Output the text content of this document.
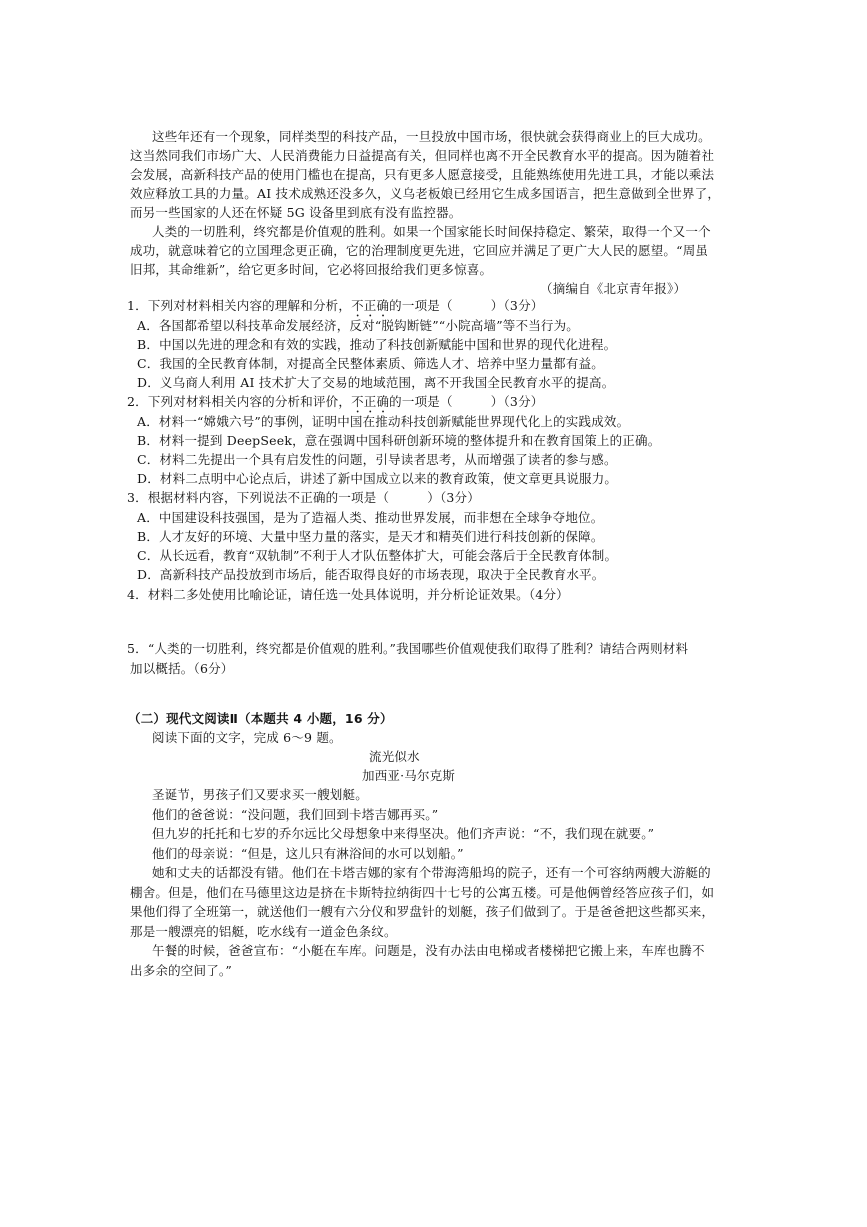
这些年还有一个现象，同样类型的科技产品，一旦投放中国市场，很快就会获得商业上的巨大成功。
这当然同我们市场广大、人民消费能力日益提高有关，但同样也离不开全民教育水平的提高。因为随着社
会发展，高新科技产品的使用门槛也在提高，只有更多人愿意接受，且能熟练使用先进工具，才能以乘法
效应释放工具的力量。AI 技术成熟还没多久，义乌老板娘已经用它生成多国语言，把生意做到全世界了，
而另一些国家的人还在怀疑 5G 设备里到底有没有监控器。
人类的一切胜利，终究都是价值观的胜利。如果一个国家能长时间保持稳定、繁荣，取得一个又一个
成功，就意味着它的立国理念更正确，它的治理制度更先进，它回应并满足了更广大人民的愿望。“周虽
旧邦，其命维新”，给它更多时间，它必将回报给我们更多惊喜。
（摘编自《北京青年报》）
1．下列对材料相关内容的理解和分析，不正确的一项是（　　　）（3分）
A．各国都希望以科技革命发展经济，反对“脱钩断链”“小院高墙”等不当行为。
B．中国以先进的理念和有效的实践，推动了科技创新赋能中国和世界的现代化进程。
C．我国的全民教育体制，对提高全民整体素质、筛选人才、培养中坚力量都有益。
D．义乌商人利用 AI 技术扩大了交易的地域范围，离不开我国全民教育水平的提高。
2．下列对材料相关内容的分析和评价，不正确的一项是（　　　）（3分）
A．材料一“嫦娥六号”的事例，证明中国在推动科技创新赋能世界现代化上的实践成效。
B．材料一提到 DeepSeek，意在强调中国科研创新环境的整体提升和在教育国策上的正确。
C．材料二先提出一个具有启发性的问题，引导读者思考，从而增强了读者的参与感。
D．材料二点明中心论点后，讲述了新中国成立以来的教育政策，使文章更具说服力。
3．根据材料内容，下列说法不正确的一项是（　　　）（3分）
A．中国建设科技强国，是为了造福人类、推动世界发展，而非想在全球争夺地位。
B．人才友好的环境、大量中坚力量的落实，是天才和精英们进行科技创新的保障。
C．从长远看，教育“双轨制”不利于人才队伍整体扩大，可能会落后于全民教育体制。
D．高新科技产品投放到市场后，能否取得良好的市场表现，取决于全民教育水平。
4．材料二多处使用比喻论证，请任选一处具体说明，并分析论证效果。（4分）
5．“人类的一切胜利，终究都是价值观的胜利。”我国哪些价值观使我们取得了胜利？请结合两则材料
加以概括。（6分）
（二）现代文阅读Ⅱ（本题共 4 小题，16 分）
阅读下面的文字，完成 6～9 题。
流光似水
加西亚·马尔克斯
圣诞节，男孩子们又要求买一艘划艇。
他们的爸爸说：“没问题，我们回到卡塔吉娜再买。”
但九岁的托托和七岁的乔尔远比父母想象中来得坚决。他们齐声说：“不，我们现在就要。”
他们的母亲说：“但是，这儿只有淋浴间的水可以划船。”
她和丈夫的话都没有错。他们在卡塔吉娜的家有个带海湾船坞的院子，还有一个可容纳两艘大游艇的
棚舍。但是，他们在马德里这边是挤在卡斯特拉纳街四十七号的公寓五楼。可是他俩曾经答应孩子们，如
果他们得了全班第一，就送他们一艘有六分仪和罗盘针的划艇，孩子们做到了。于是爸爸把这些都买来，
那是一艘漂亮的铝艇，吃水线有一道金色条纹。
午餐的时候，爸爸宣布：“小艇在车库。问题是，没有办法由电梯或者楼梯把它搬上来，车库也腾不
出多余的空间了。”
